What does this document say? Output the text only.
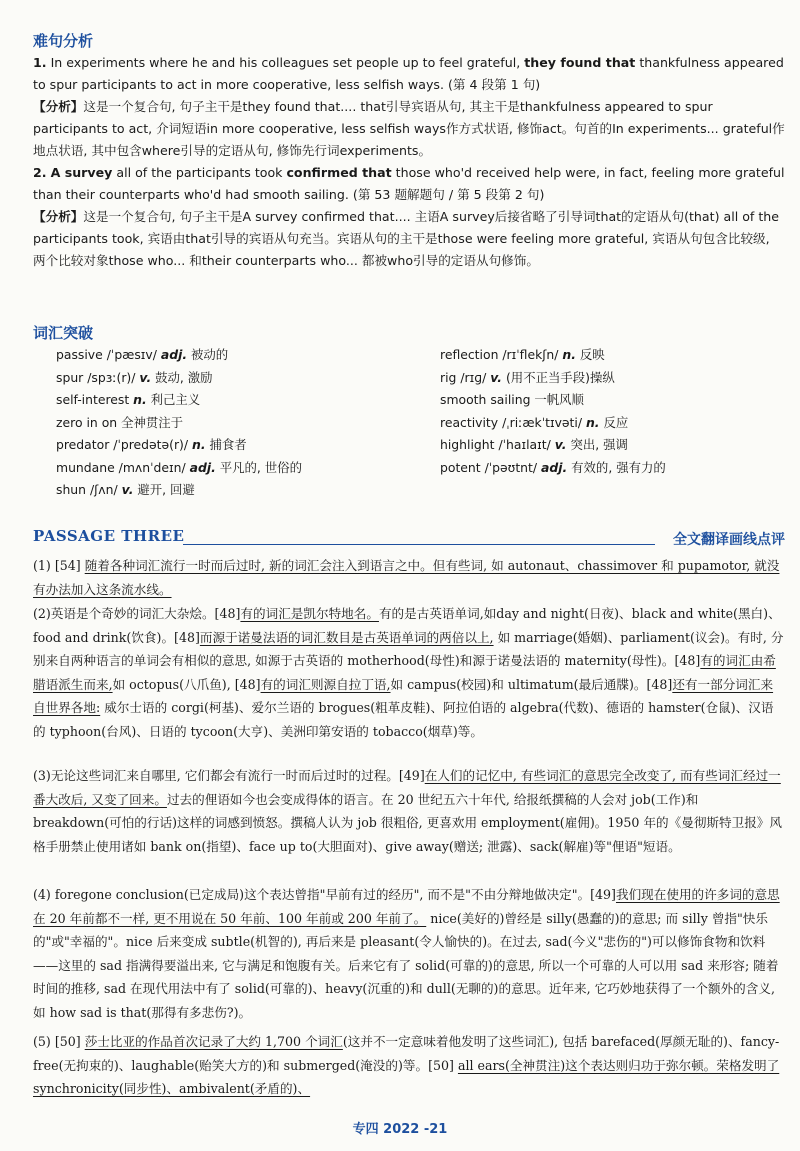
难句分析
1. In experiments where he and his colleagues set people up to feel grateful, they found that thankfulness appeared to spur participants to act in more cooperative, less selfish ways. (第 4 段第 1 句)
【分析】这是一个复合句, 句子主干是they found that.... that引导宾语从句, 其主干是thankfulness appeared to spur participants to act, 介词短语in more cooperative, less selfish ways作方式状语, 修饰act。句首的In experiments... grateful作地点状语, 其中包含where引导的定语从句, 修饰先行词experiments。
2. A survey all of the participants took confirmed that those who'd received help were, in fact, feeling more grateful than their counterparts who'd had smooth sailing. (第 53 题解题句 / 第 5 段第 2 句)
【分析】这是一个复合句, 句子主干是A survey confirmed that.... 主语A survey后接省略了引导词that的定语从句(that) all of the participants took, 宾语由that引导的宾语从句充当。宾语从句的主干是those were feeling more grateful, 宾语从句包含比较级, 两个比较对象those who... 和their counterparts who... 都被who引导的定语从句修饰。
词汇突破
passive /ˈpæsɪv/ adj. 被动的
spur /spɜː(r)/ v. 鼓动, 激励
self-interest n. 利己主义
zero in on 全神贯注于
predator /ˈpredətə(r)/ n. 捕食者
mundane /mʌnˈdeɪn/ adj. 平凡的, 世俗的
shun /ʃʌn/ v. 避开, 回避
reflection /rɪˈflekʃn/ n. 反映
rig /rɪɡ/ v. (用不正当手段)操纵
smooth sailing 一帆风顺
reactivity /ˌriːækˈtɪvəti/ n. 反应
highlight /ˈhaɪlaɪt/ v. 突出, 强调
potent /ˈpəʊtnt/ adj. 有效的, 强有力的
PASSAGE THREE	全文翻译画线点评
(1) [54] 随着各种词汇流行一时而后过时, 新的词汇会注入到语言之中。但有些词, 如 autonaut、chassimover 和 pupamotor, 就没有办法加入这条流水线。
(2)英语是个奇妙的词汇大杂烩。[48]有的词汇是凯尔特地名。有的是古英语单词,如day and night(日夜)、black and white(黑白)、food and drink(饮食)。[48]而源于诺曼法语的词汇数目是古英语单词的两倍以上, 如 marriage(婚姻)、parliament(议会)。有时, 分别来自两种语言的单词会有相似的意思, 如源于古英语的 motherhood(母性)和源于诺曼法语的 maternity(母性)。[48]有的词汇由希腊语派生而来,如 octopus(八爪鱼), [48]有的词汇则源自拉丁语,如 campus(校园)和 ultimatum(最后通牒)。[48]还有一部分词汇来自世界各地: 威尔士语的 corgi(柯基)、爱尔兰语的 brogues(粗革皮鞋)、阿拉伯语的 algebra(代数)、德语的 hamster(仓鼠)、汉语的 typhoon(台风)、日语的 tycoon(大亨)、美洲印第安语的 tobacco(烟草)等。
(3)无论这些词汇来自哪里, 它们都会有流行一时而后过时的过程。[49]在人们的记忆中, 有些词汇的意思完全改变了, 而有些词汇经过一番大改后, 又变了回来。过去的俚语如今也会变成得体的语言。在 20 世纪五六十年代, 给报纸撰稿的人会对 job(工作)和 breakdown(可怕的行话)这样的词感到愤怒。撰稿人认为 job 很粗俗, 更喜欢用 employment(雇佣)。1950 年的《曼彻斯特卫报》风格手册禁止使用诸如 bank on(指望)、face up to(大胆面对)、give away(赠送; 泄露)、sack(解雇)等"俚语"短语。
(4) foregone conclusion(已定成局)这个表达曾指"早前有过的经历", 而不是"不由分辩地做决定"。[49]我们现在使用的许多词的意思在 20 年前都不一样, 更不用说在 50 年前、100 年前或 200 年前了。 nice(美好的)曾经是 silly(愚蠢的)的意思; 而 silly 曾指"快乐的"或"幸福的"。nice 后来变成 subtle(机智的), 再后来是 pleasant(令人愉快的)。在过去, sad(今义"悲伤的")可以修饰食物和饮料——这里的 sad 指满得要溢出来, 它与满足和饱腹有关。后来它有了 solid(可靠的)的意思, 所以一个可靠的人可以用 sad 来形容; 随着时间的推移, sad 在现代用法中有了 solid(可靠的)、heavy(沉重的)和 dull(无聊的)的意思。近年来, 它巧妙地获得了一个额外的含义, 如 how sad is that(那得有多悲伤?)。
(5) [50] 莎士比亚的作品首次记录了大约 1,700 个词汇(这并不一定意味着他发明了这些词汇), 包括 barefaced(厚颜无耻的)、fancy-free(无拘束的)、laughable(贻笑大方的)和 submerged(淹没的)等。[50] all ears(全神贯注)这个表达则归功于弥尔顿。荣格发明了 synchronicity(同步性)、ambivalent(矛盾的)、
专四 2022 -21
